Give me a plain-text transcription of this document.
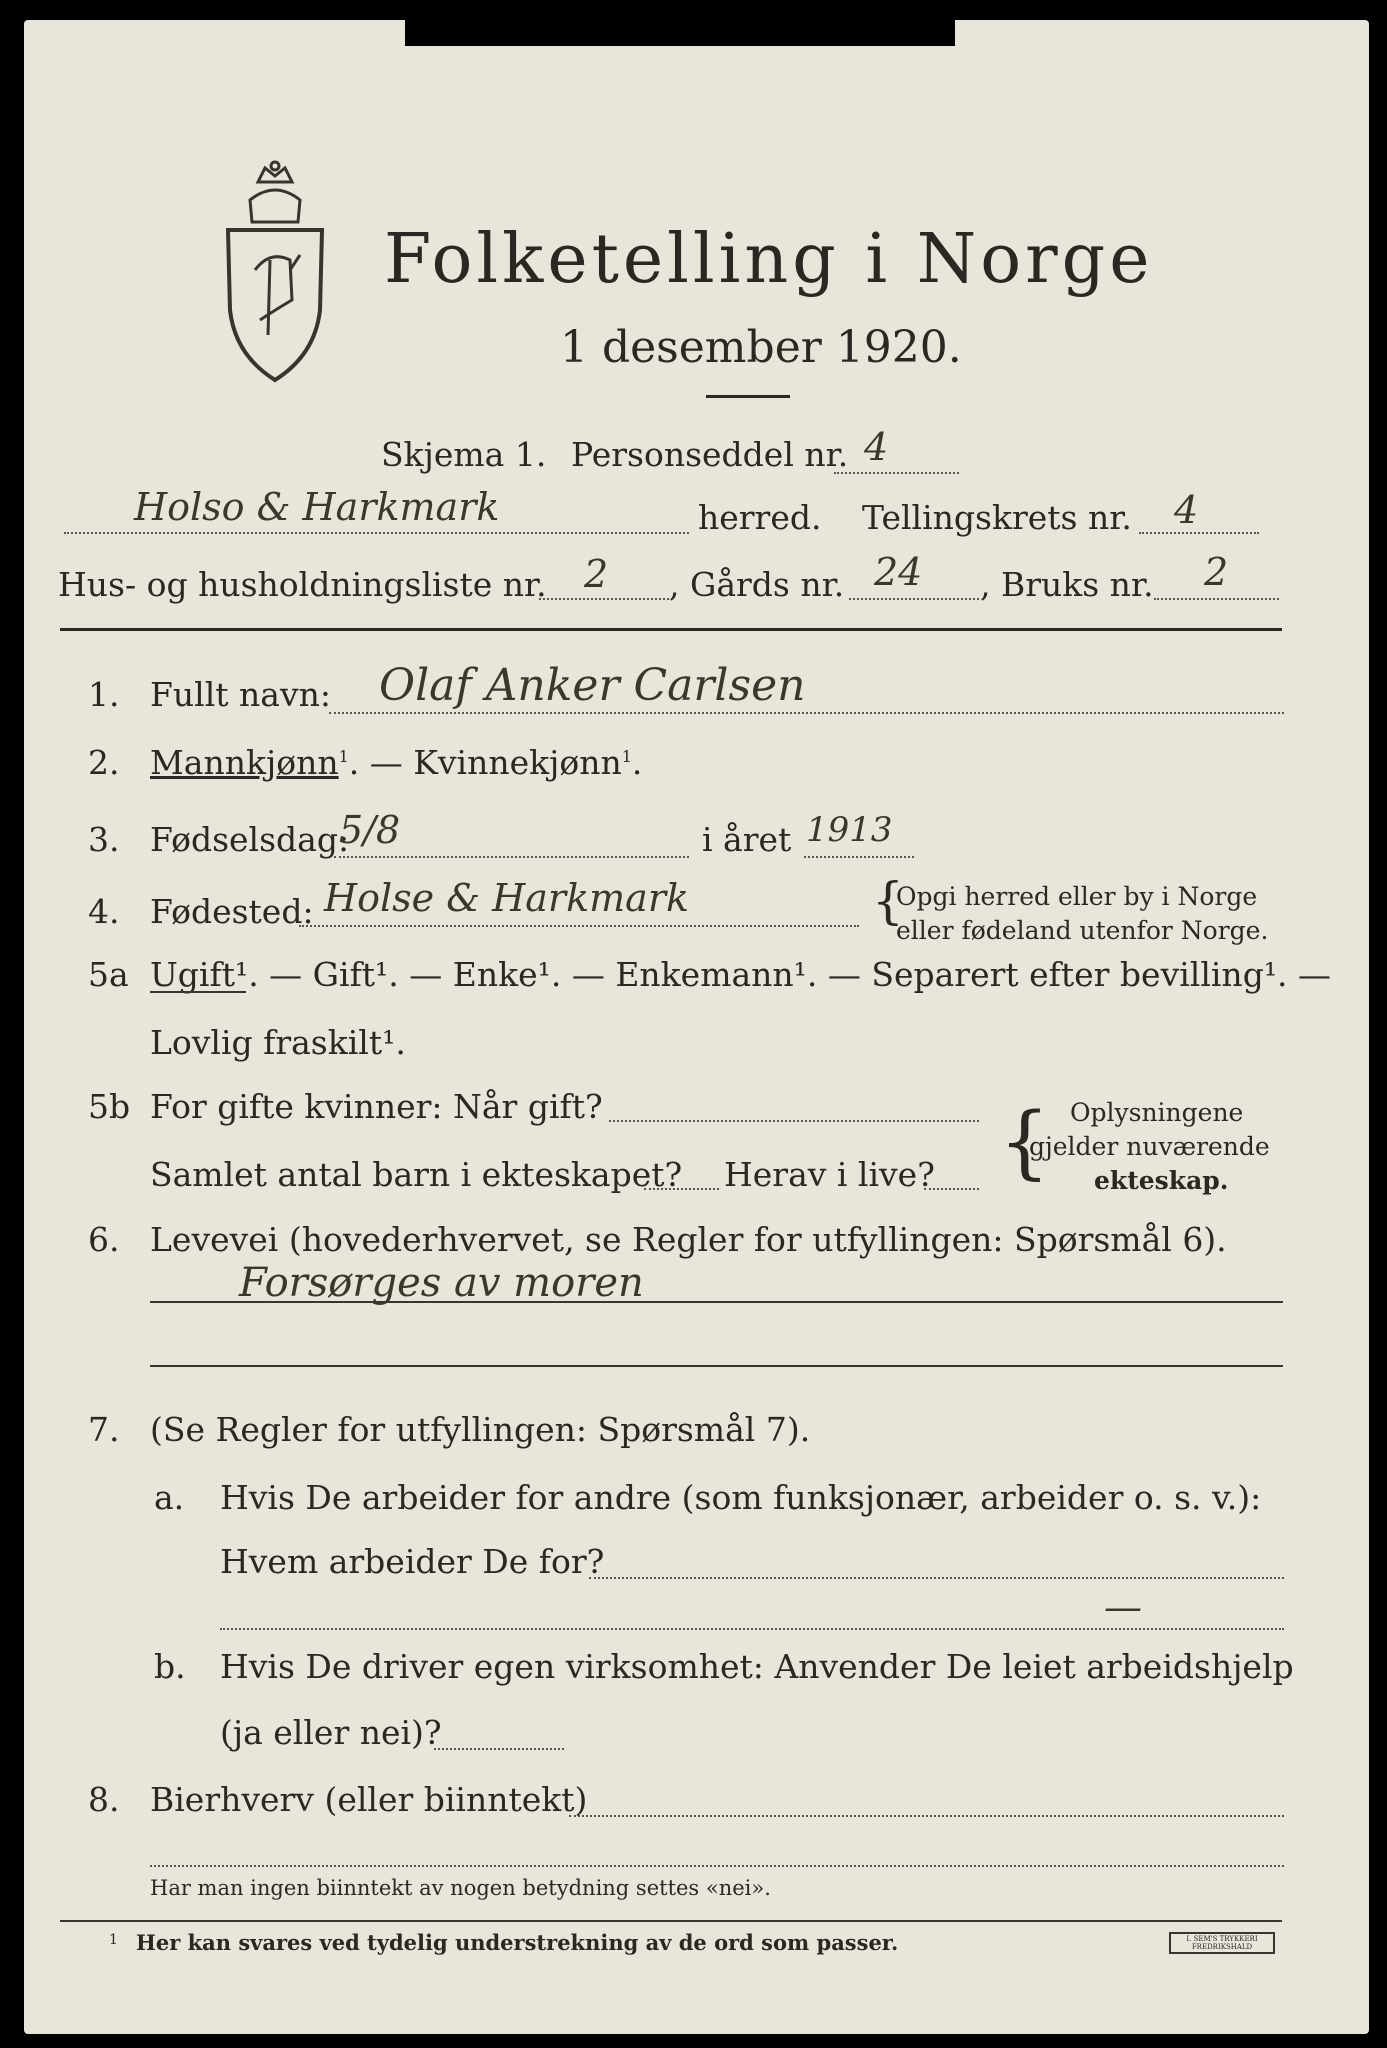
Folketelling i Norge
1 desember 1920.
Skjema 1. Personseddel nr. 4
Holso & Harkmark	herred. Tellingskrets nr. 4
Hus- og husholdningsliste nr. 2 , Gårds nr. 24 , Bruks nr. 2
1. Fullt navn: Olaf Anker Carlsen
2. Mannkjønn$^1$. — Kvinnekjønn$^1$.
3. Fødselsdag:
5/8	i året 1913
4. Fødested: Holse & Harkmark	{
Opgi herred eller by i Norge
eller føde​land utenfor Norge.
5a Ugift¹. — Gift¹. — Enke¹. — Enkemann¹. — Separert efter bevilling¹. —
Lovlig fraskilt¹.
5b For gifte kvinner: Når gift?
Samlet antal barn i ekteskapet? Herav i live? { Oplysningene
gjelder nuværende
ekteskap.
6. Levevei (hovederhvervet, se Regler for utfyllingen: Spørsmål 6).
Forsørges av moren
7. (Se Regler for utfyllingen: Spørsmål 7).
a. Hvis De arbeider for andre (som funksjonær, arbeider o. s. v.):
Hvem arbeider De for?
—
b. Hvis De driver egen virksomhet: Anvender De leiet arbeidshjelp
(ja eller nei)?
8. Bierhverv (eller biinntekt)
Har man ingen biinntekt av nogen betydning settes «nei».
1 Her kan svares ved tydelig understrekning av de ord som passer.	I. SEM'S TRYKKERI
FREDRIKSHALD
